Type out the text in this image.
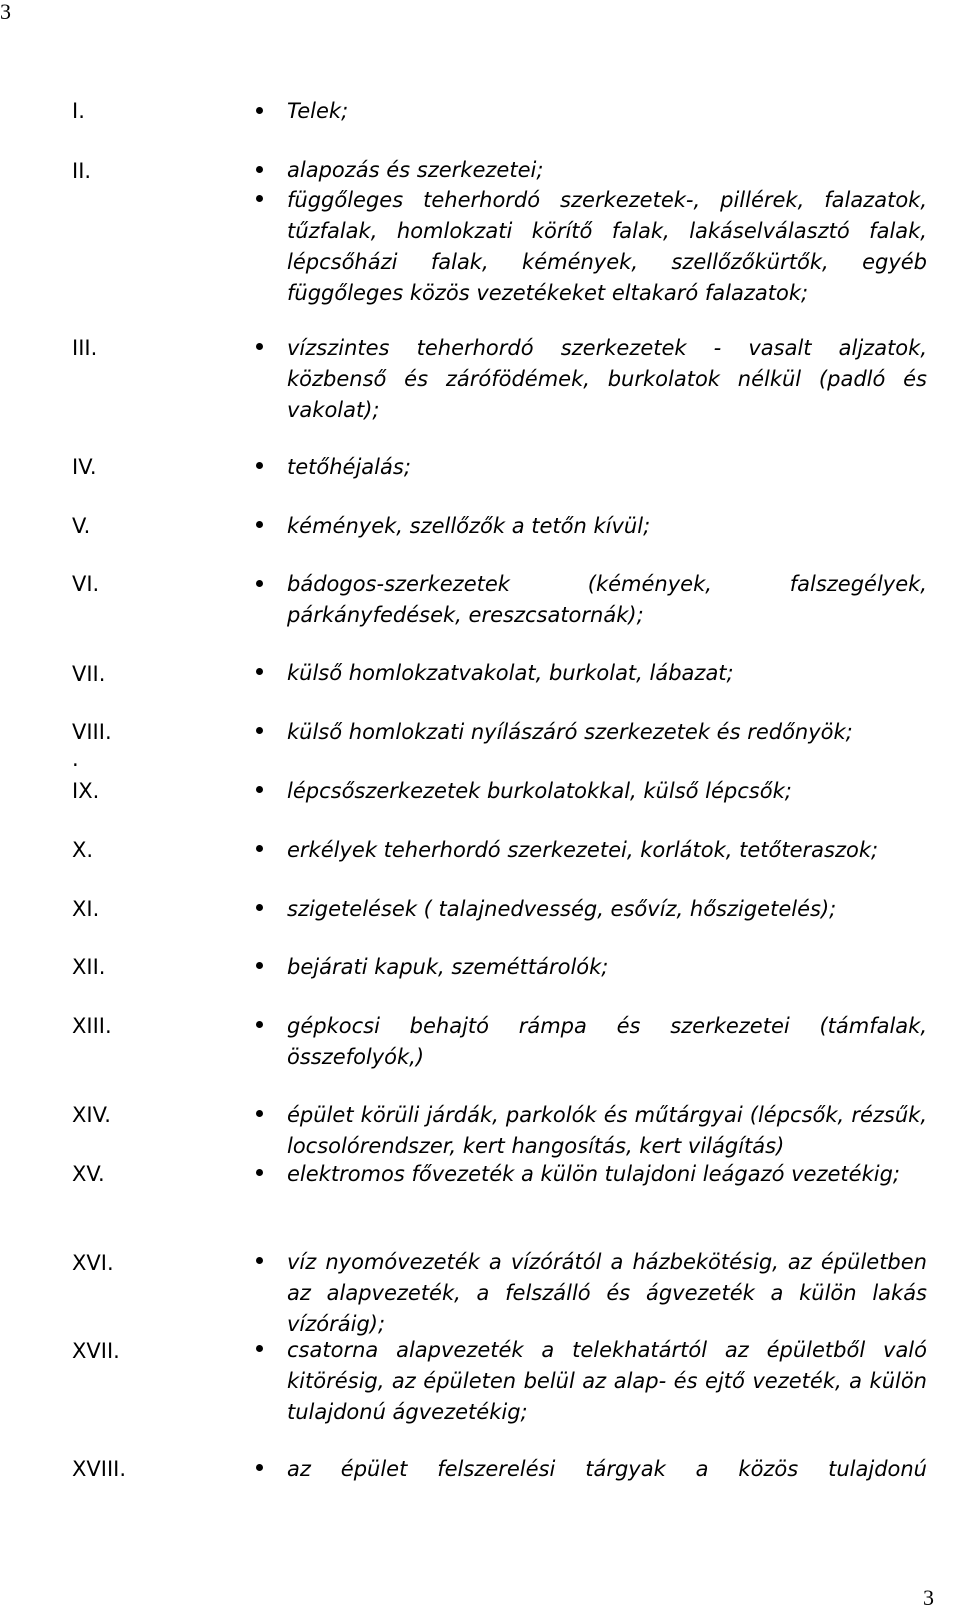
3
I.
II.
III.
IV.
V.
VI.
VII.
VIII.
.
IX.
X.
XI.
XII.
XIII.
XIV.
XV.
XVI.
XVII.
XVIII.
Telek;
alapozás és szerkezetei;
függőleges teherhordó szerkezetek-, pillérek, falazatok, tűzfalak, homlokzati körítő falak, lakáselválasztó falak, lépcsőházi falak, kémények, szellőzőkürtők, egyéb függőleges közös vezetékeket eltakaró falazatok;
vízszintes teherhordó szerkezetek - vasalt aljzatok, közbenső és zárófödémek, burkolatok nélkül (padló és vakolat);
tetőhéjalás;
kémények, szellőzők a tetőn kívül;
bádogos-szerkezetek (kémények, falszegélyek, párkányfedések, ereszcsatornák);
külső homlokzatvakolat, burkolat, lábazat;
külső homlokzati nyílászáró szerkezetek és redőnyök;
lépcsőszerkezetek burkolatokkal, külső lépcsők;
erkélyek teherhordó szerkezetei, korlátok, tetőteraszok;
szigetelések ( talajnedvesség, esővíz, hőszigetelés);
bejárati kapuk, szeméttárolók;
gépkocsi behajtó rámpa és szerkezetei (támfalak, összefolyók,)
épület körüli járdák, parkolók és műtárgyai (lépcsők, rézsűk, locsolórendszer, kert hangosítás, kert világítás)
elektromos fővezeték a külön tulajdoni leágazó vezetékig;
víz nyomóvezeték a vízórától a házbekötésig, az épületben az alapvezeték, a felszálló és ágvezeték a külön lakás vízóráig);
csatorna alapvezeték a telekhatártól az épületből való kitörésig, az épületen belül az alap- és ejtő vezeték, a külön tulajdonú ágvezetékig;
az épület felszerelési tárgyak a közös tulajdonú
3
